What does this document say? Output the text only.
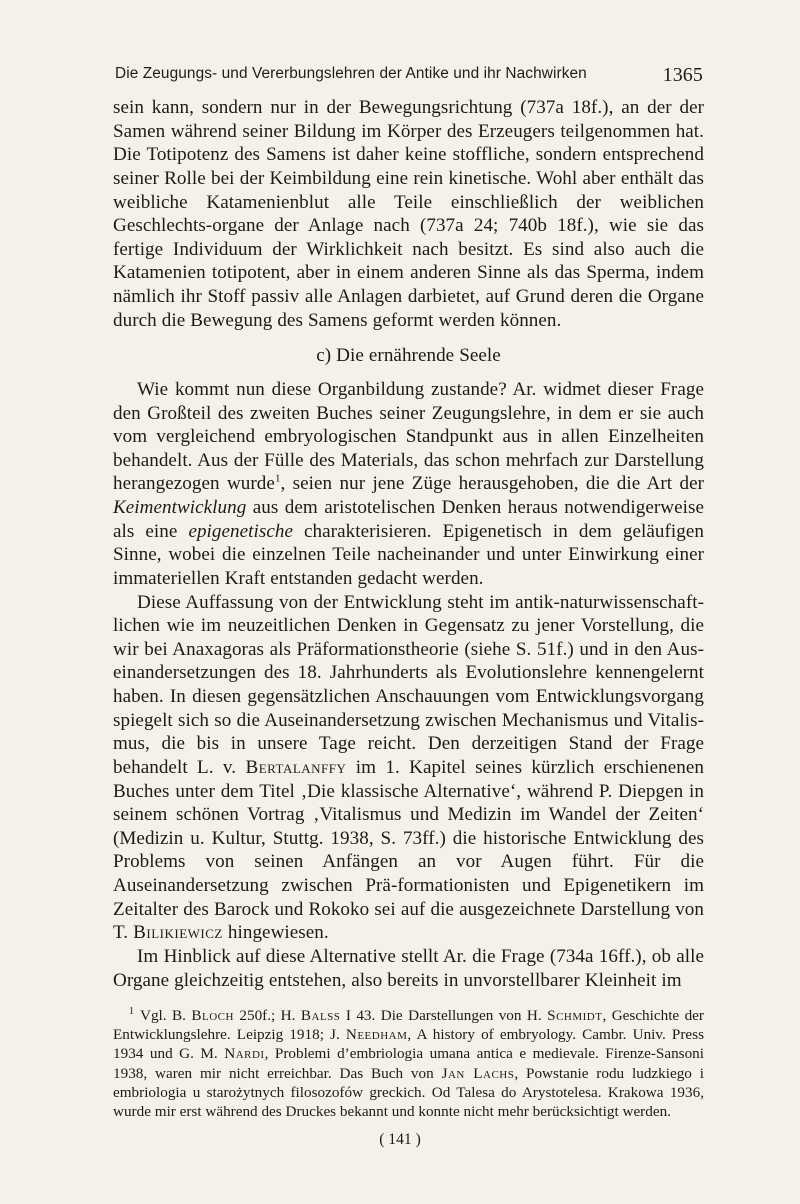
Die Zeugungs- und Vererbungslehren der Antike und ihr Nachwirken	1365

sein kann, sondern nur in der Bewegungsrichtung (737a 18f.), an der der Samen während seiner Bildung im Körper des Erzeugers teilgenommen hat. Die Totipotenz des Samens ist daher keine stoffliche, sondern entsprechend seiner Rolle bei der Keimbildung eine rein kinetische. Wohl aber enthält das weibliche Katamenienblut alle Teile einschließlich der weiblichen Geschlechts-organe der Anlage nach (737a 24; 740b 18f.), wie sie das fertige Individuum der Wirklichkeit nach besitzt. Es sind also auch die Katamenien totipotent, aber in einem anderen Sinne als das Sperma, indem nämlich ihr Stoff passiv alle Anlagen darbietet, auf Grund deren die Organe durch die Bewegung des Samens geformt werden können.

c) Die ernährende Seele

Wie kommt nun diese Organbildung zustande? Ar. widmet dieser Frage den Großteil des zweiten Buches seiner Zeugungslehre, in dem er sie auch vom vergleichend embryologischen Standpunkt aus in allen Einzelheiten behandelt. Aus der Fülle des Materials, das schon mehrfach zur Darstellung herangezogen wurde$^1$, seien nur jene Züge herausgehoben, die die Art der Keimentwicklung aus dem aristotelischen Denken heraus notwendigerweise als eine epigenetische charakterisieren. Epigenetisch in dem geläufigen Sinne, wobei die einzelnen Teile nacheinander und unter Einwirkung einer immateriellen Kraft entstanden gedacht werden.

Diese Auffassung von der Entwicklung steht im antik-naturwissenschaft-lichen wie im neuzeitlichen Denken in Gegensatz zu jener Vorstellung, die wir bei Anaxagoras als Präformationstheorie (siehe S. 51f.) und in den Aus-einandersetzungen des 18. Jahrhunderts als Evolutionslehre kennengelernt haben. In diesen gegensätzlichen Anschauungen vom Entwicklungsvorgang spiegelt sich so die Auseinandersetzung zwischen Mechanismus und Vitalis-mus, die bis in unsere Tage reicht. Den derzeitigen Stand der Frage behandelt L. v. Bertalanffy im 1. Kapitel seines kürzlich erschienenen Buches unter dem Titel ‚Die klassische Alternative‘, während P. Diepgen in seinem schönen Vortrag ‚Vitalismus und Medizin im Wandel der Zeiten‘ (Medizin u. Kultur, Stuttg. 1938, S. 73ff.) die historische Entwicklung des Problems von seinen Anfängen an vor Augen führt. Für die Auseinandersetzung zwischen Prä-formationisten und Epigenetikern im Zeitalter des Barock und Rokoko sei auf die ausgezeichnete Darstellung von T. Bilikiewicz hingewiesen.

Im Hinblick auf diese Alternative stellt Ar. die Frage (734a 16ff.), ob alle Organe gleichzeitig entstehen, also bereits in unvorstellbarer Kleinheit im

$^1$ Vgl. B. Bloch 250f.; H. Balss I 43. Die Darstellungen von H. Schmidt, Geschichte der Entwicklungslehre. Leipzig 1918; J. Needham, A history of embryology. Cambr. Univ. Press 1934 und G. M. Nardi, Problemi d’embriologia umana antica e medievale. Firenze-Sansoni 1938, waren mir nicht erreichbar. Das Buch von Jan Lachs, Powstanie rodu ludzkiego i embriologia u starożytnych filosozofów greckich. Od Talesa do Arystotelesa. Krakowa 1936, wurde mir erst während des Druckes bekannt und konnte nicht mehr berücksichtigt werden.

( 141 )
